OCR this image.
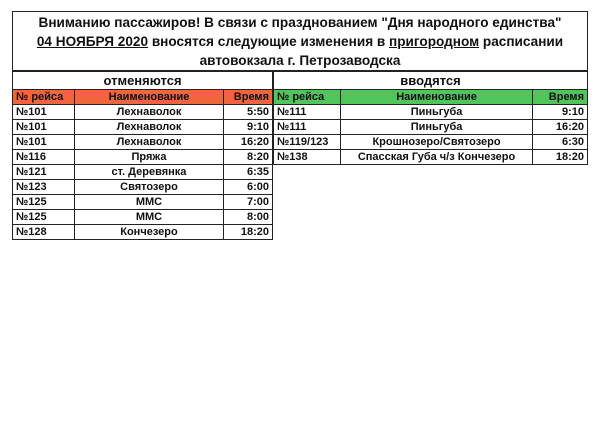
Вниманию пассажиров! В связи с празднованием "Дня народного единства"
04 НОЯБРЯ 2020 вносятся следующие изменения в пригородном расписании
автовокзала г. Петрозаводска
отменяются		
№ рейса	Наименование	Время
№101	Лехнаволок	5:50
№101	Лехнаволок	9:10
№101	Лехнаволок	16:20
№116	Пряжа	8:20
№121	ст. Деревянка	6:35
№123	Святозеро	6:00
№125	ММС	7:00
№125	ММС	8:00
№128	Кончезеро	18:20
вводятся		
№ рейса	Наименование	Время
№111	Пиньгуба	9:10
№111	Пиньгуба	16:20
№119/123	Крошнозеро/Святозеро	6:30
№138	Спасская Губа ч/з Кончезеро	18:20
